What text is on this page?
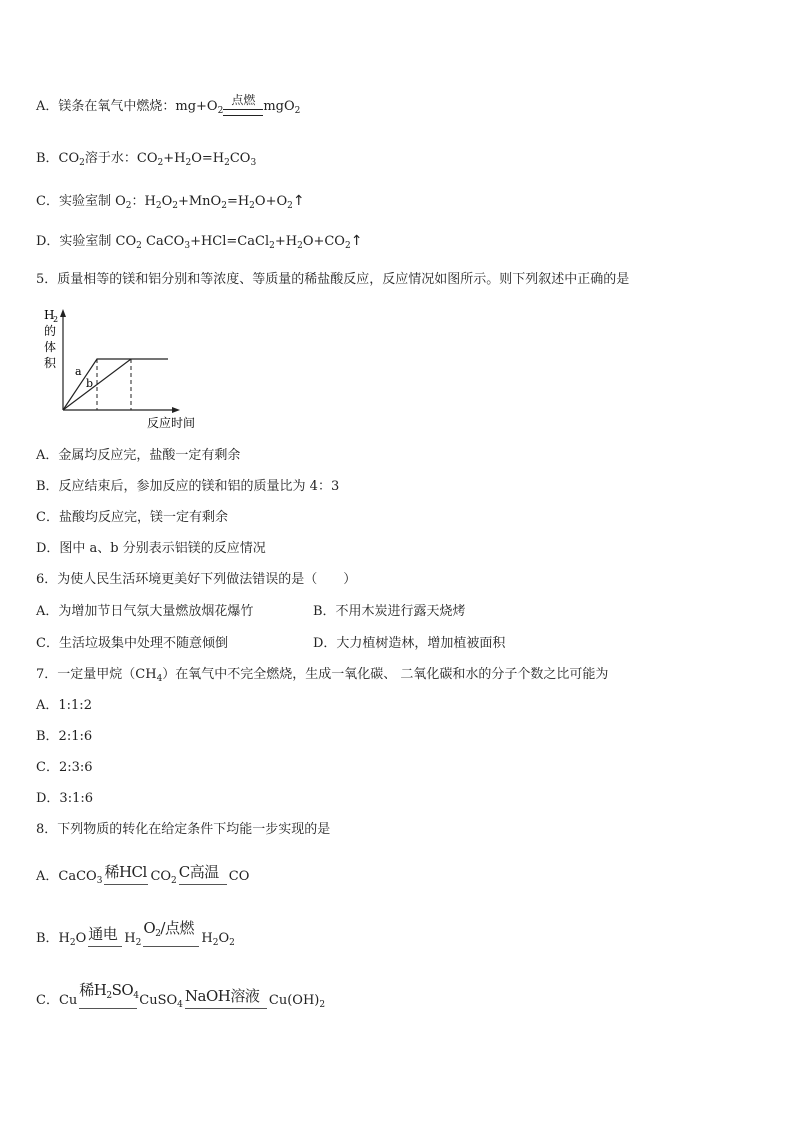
A．镁条在氧气中燃烧：$mg+O_2$
点燃 mgO$_2$
B．$CO_2$溶于水：$CO_2+H_2O=H_2CO_3$
C．实验室制 $O_2$：$H_2O_2+MnO_2=H_2O+O_2↑$
D．实验室制 $CO_2$ $CaCO_3+HCl=CaCl_2+H_2O+CO_2↑$
5．质量相等的镁和铝分别和等浓度、等质量的稀盐酸反应，反应情况如图所示。则下列叙述中正确的是
H
2
的
体
积
a
b
反应时间
A．金属均反应完，盐酸一定有剩余
B．反应结束后，参加反应的镁和铝的质量比为 4：3
C．盐酸均反应完，镁一定有剩余
D．图中 a、b 分别表示铝镁的反应情况
6．为使人民生活环境更美好下列做法错误的是（　　）
A．为增加节日气氛大量燃放烟花爆竹	B．不用木炭进行露天烧烤
C．生活垃圾集中处理不随意倾倒	D．大力植树造林，增加植被面积
7．一定量甲烷$(CH_4)$在氧气中不完全燃烧，生成一氧化碳、 二氧化碳和水的分子个数之比可能为
A．1:1:2
B．2:1:6
C．2:3:6
D．3:1:6
8．下列物质的转化在给定条件下均能一步实现的是
A．CaCO$_3$ 稀HCl $CO_2$ C高温 CO
B．$H_2O$ 通电 $H_2$
$O_2/$点燃
$H_2O_2$
C．Cu
稀$H_2SO_4$ CuSO$_4$ NaOH溶液 $Cu(OH)_2$
